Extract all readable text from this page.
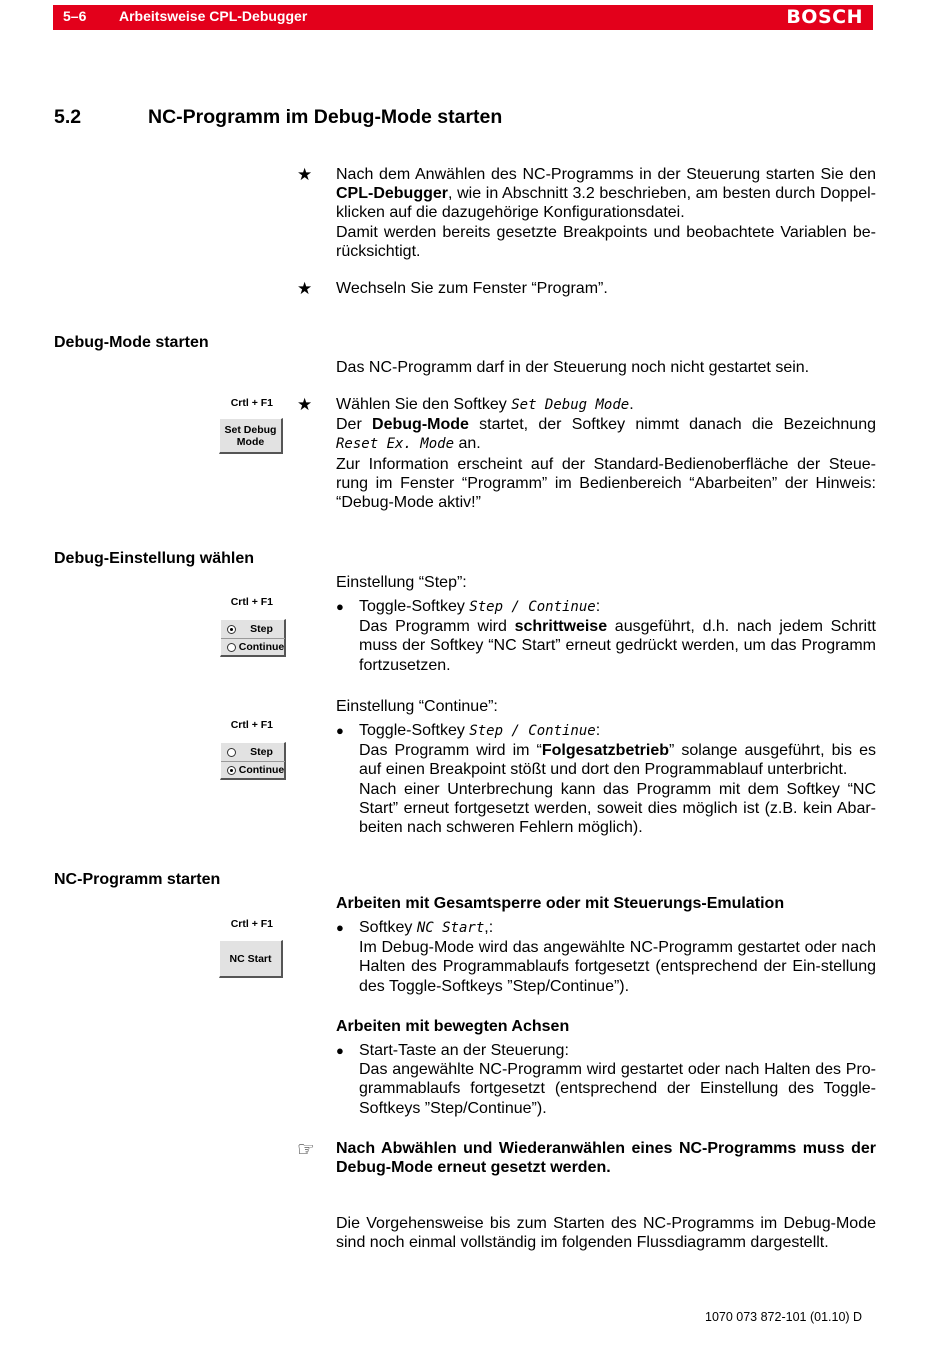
5–6 Arbeitsweise CPL-Debugger	BOSCH
5.2	NC-Programm im Debug-Mode starten
★ Nach dem Anwählen des NC-Programms in der Steuerung starten Sie den CPL-Debugger, wie in Abschnitt 3.2 beschrieben, am besten durch Doppel-klicken auf die dazugehörige Konfigurationsdatei.

Damit werden bereits gesetzte Breakpoints und beobachtete Variablen be-rücksichtigt.

★ Wechseln Sie zum Fenster “Program”.
Debug-Mode starten
Das NC-Programm darf in der Steuerung noch nicht gestartet sein.
Crtl + F1
Set Debug
Mode
★ Wählen Sie den Softkey Set Debug Mode.

Der Debug-Mode startet, der Softkey nimmt danach die Bezeichnung Reset Ex. Mode an.

Zur Information erscheint auf der Standard-Bedienoberfläche der Steue-rung im Fenster “Programm” im Bedienbereich “Abarbeiten” der Hinweis: “Debug-Mode aktiv!”

Debug-Einstellung wählen
Einstellung “Step”:
Crtl + F1
Step
Continue
● Toggle-Softkey Step / Continue:

Das Programm wird schrittweise ausgeführt, d.h. nach jedem Schritt muss der Softkey “NC Start” erneut gedrückt werden, um das Programm fortzusetzen.

Einstellung “Continue”:
Crtl + F1
Step
Continue
● Toggle-Softkey Step / Continue:

Das Programm wird im “Folgesatzbetrieb” solange ausgeführt, bis es auf einen Breakpoint stößt und dort den Programmablauf unterbricht.

Nach einer Unterbrechung kann das Programm mit dem Softkey “NC Start” erneut fortgesetzt werden, soweit dies möglich ist (z.B. kein Abar-beiten nach schweren Fehlern möglich).

NC-Programm starten
Arbeiten mit Gesamtsperre oder mit Steuerungs-Emulation
Crtl + F1
NC Start
● Softkey NC Start,:

Im Debug-Mode wird das angewählte NC-Programm gestartet oder nach Halten des Programmablaufs fortgesetzt (entsprechend der Ein-stellung des Toggle-Softkeys ”Step/Continue”).

Arbeiten mit bewegten Achsen
● Start-Taste an der Steuerung:

Das angewählte NC-Programm wird gestartet oder nach Halten des Pro-grammablaufs fortgesetzt (entsprechend der Einstellung des Toggle-Softkeys ”Step/Continue”).

☞ Nach Abwählen und Wiederanwählen eines NC-Programms muss der Debug-Mode erneut gesetzt werden.
Die Vorgehensweise bis zum Starten des NC-Programms im Debug-Mode sind noch einmal vollständig im folgenden Flussdiagramm dargestellt.
1070 073 872-101 (01.10) D
